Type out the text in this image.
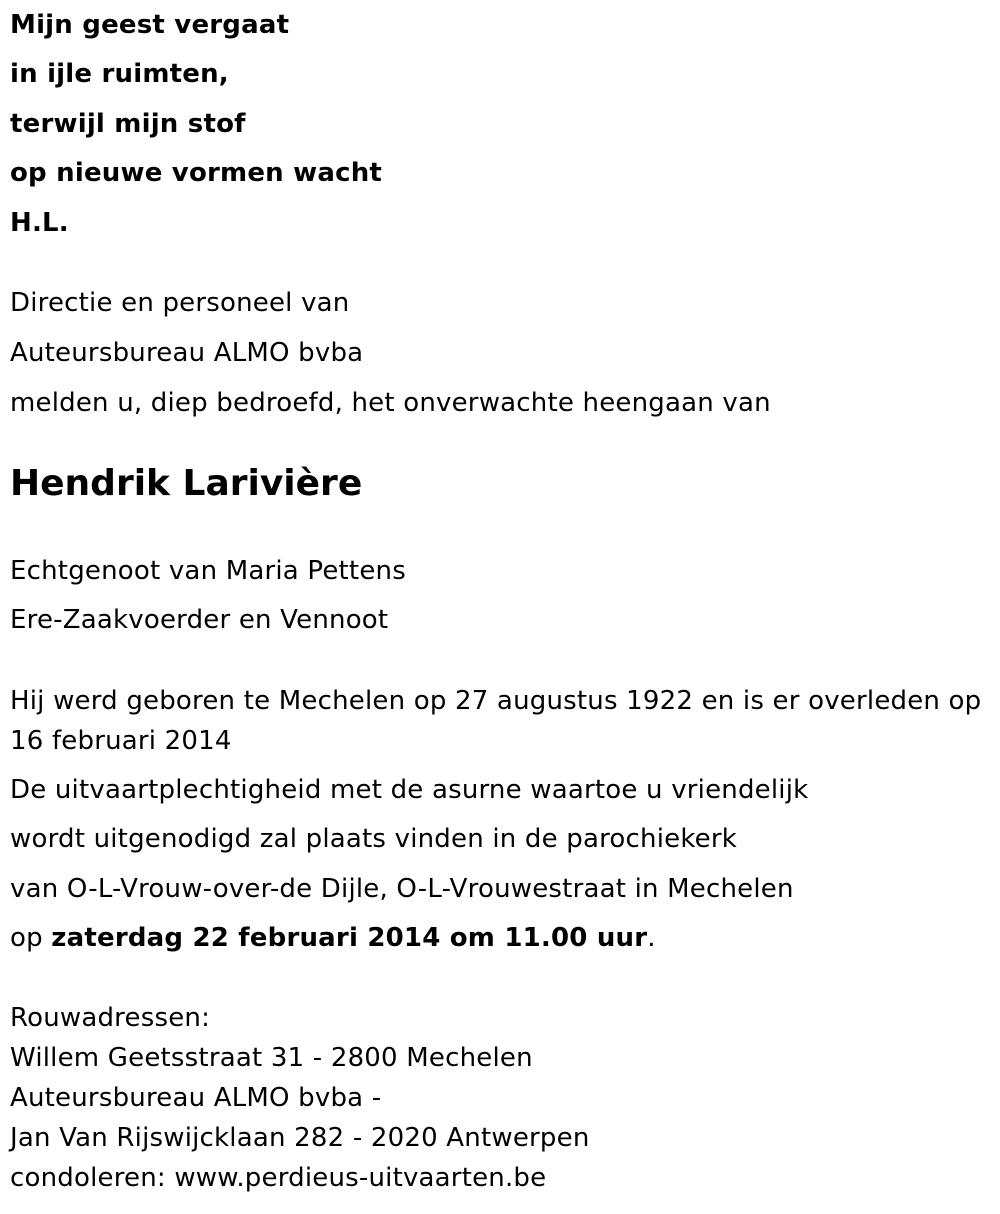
Mijn geest vergaat
in ijle ruimten,
terwijl mijn stof
op nieuwe vormen wacht
H.L.
Directie en personeel van
Auteursbureau ALMO bvba
melden u, diep bedroefd, het onverwachte heengaan van
Hendrik Larivière
Echtgenoot van Maria Pettens
Ere-Zaakvoerder en Vennoot
Hij werd geboren te Mechelen op 27 augustus 1922 en is er overleden op 16 februari 2014
De uitvaartplechtigheid met de asurne waartoe u vriendelijk
wordt uitgenodigd zal plaats vinden in de parochiekerk
van O-L-Vrouw-over-de Dijle, O-L-Vrouwestraat in Mechelen
op zaterdag 22 februari 2014 om 11.00 uur.
Rouwadressen:
Willem Geetsstraat 31 - 2800 Mechelen
Auteursbureau ALMO bvba -
Jan Van Rijswijcklaan 282 - 2020 Antwerpen
condoleren: www.perdieus-uitvaarten.be
